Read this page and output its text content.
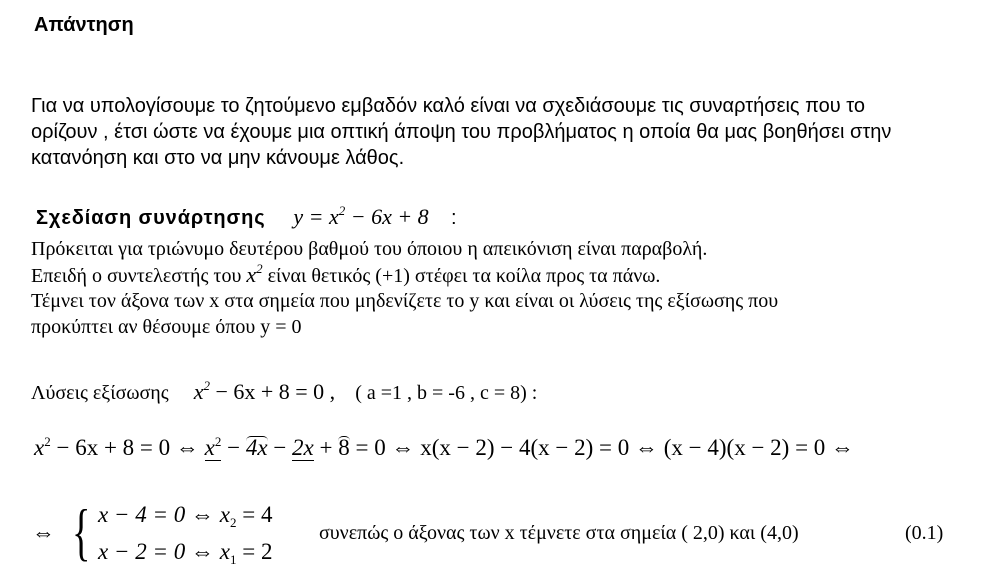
Απάντηση

Για να υπολογίσουμε το ζητούμενο εμβαδόν καλό είναι να σχεδιάσουμε τις συναρτήσεις που το

ορίζουν , έτσι ώστε να έχουμε μια οπτική άποψη του προβλήματος η οποία θα μας βοηθήσει στην

κατανόηση και στο να μην κάνουμε λάθος.

Σχεδίαση συνάρτησης $y = x^2 - 6x + 8$ :
Πρόκειται για τριώνυμο δευτέρου βαθμού του όποιου η απεικόνιση είναι παραβολή.
Επειδή ο συντελεστής του $x^2$ είναι θετικός (+1) στέφει τα κοίλα προς τα πάνω.
Τέμνει τον άξονα των x στα σημεία που μηδενίζετε το y και είναι οι λύσεις της εξίσωσης που
προκύπτει αν θέσουμε όπου y = 0
Λύσεις εξίσωσης $x^2 - 6x + 8 = 0$ , ( a =1 , b = -6 , c = 8) :
$x^2 - 6x + 8 = 0$ ⇔ $x^2 - 4x - 2x + 8 = 0$ ⇔ x(x − 2) − 4(x − 2) = 0 ⇔ (x − 4)(x − 2) = 0 ⇔
⇔ { x − 4 = 0 ⇔ $x_2 = 4$
x − 2 = 0 ⇔ $x_1 = 2$
συνεπώς ο άξονας των x τέμνετε στα σημεία ( 2,0) και (4,0)	(0.1)
